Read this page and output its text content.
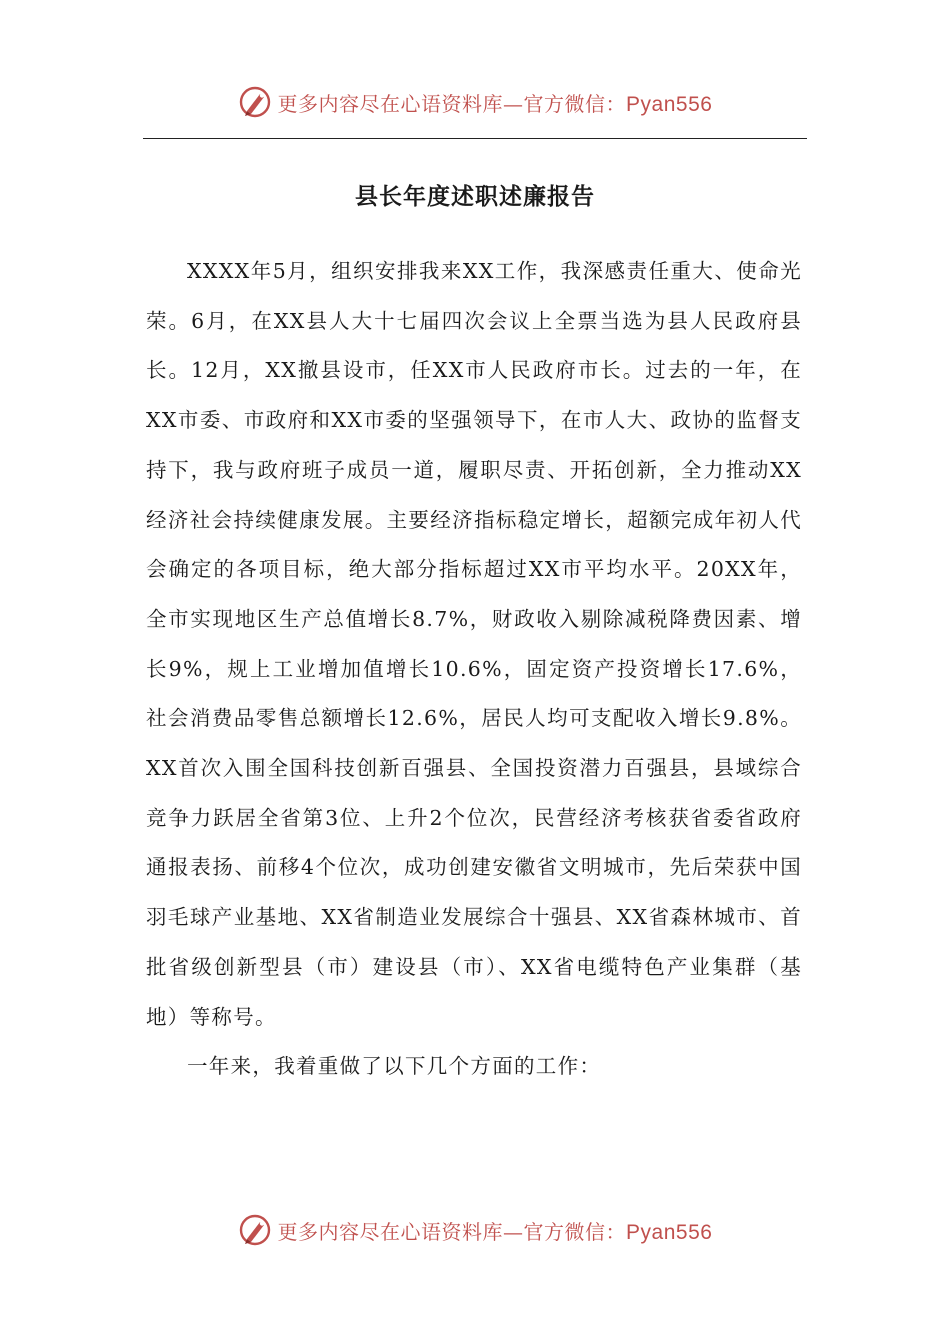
更多内容尽在心语资料库—官方微信：Pyan556
县长年度述职述廉报告

XXXX年5月，组织安排我来XX工作，我深感责任重大、使命光荣。6月，在XX县人大十七届四次会议上全票当选为县人民政府县长。12月，XX撤县设市，任XX市人民政府市长。过去的一年，在XX市委、市政府和XX市委的坚强领导下，在市人大、政协的监督支持下，我与政府班子成员一道，履职尽责、开拓创新，全力推动XX经济社会持续健康发展。主要经济指标稳定增长，超额完成年初人代会确定的各项目标，绝大部分指标超过XX市平均水平。20XX年，全市实现地区生产总值增长8.7%，财政收入剔除减税降费因素、增长9%，规上工业增加值增长10.6%，固定资产投资增长17.6%，社会消费品零售总额增长12.6%，居民人均可支配收入增长9.8%。XX首次入围全国科技创新百强县、全国投资潜力百强县，县域综合竞争力跃居全省第3位、上升2个位次，民营经济考核获省委省政府通报表扬、前移4个位次，成功创建安徽省文明城市，先后荣获中国羽毛球产业基地、XX省制造业发展综合十强县、XX省森林城市、首批省级创新型县（市）建设县（市）、XX省电缆特色产业集群（基地）等称号。

一年来，我着重做了以下几个方面的工作：

更多内容尽在心语资料库—官方微信：Pyan556
